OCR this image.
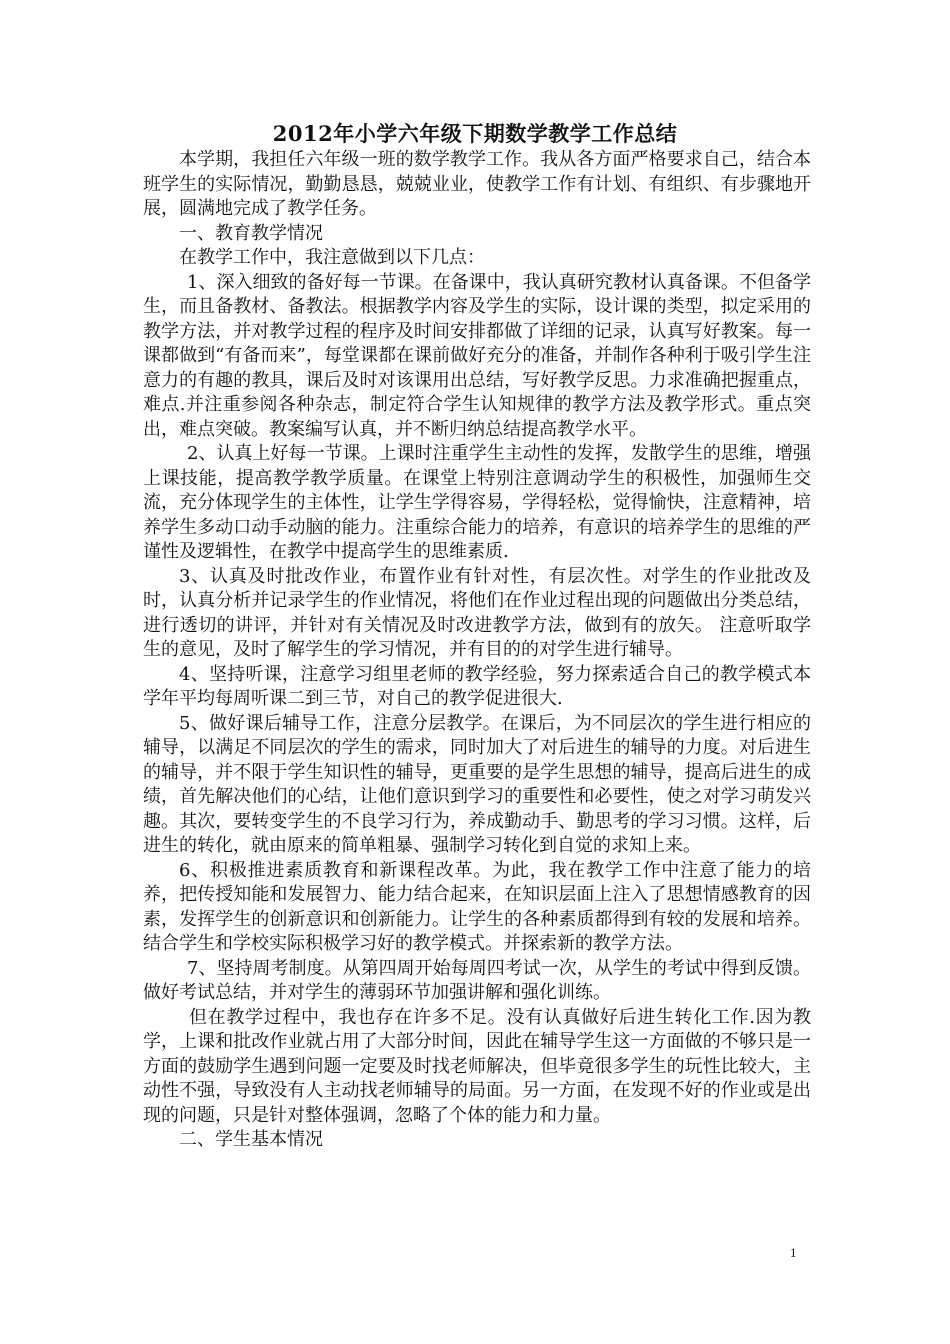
2012年小学六年级下期数学教学工作总结

本学期，我担任六年级一班的数学教学工作。我从各方面严格要求自己，结合本班学生的实际情况，勤勤恳恳，兢兢业业，使教学工作有计划、有组织、有步骤地开展，圆满地完成了教学任务。

一、教育教学情况

在教学工作中，我注意做到以下几点：

1、深入细致的备好每一节课。在备课中，我认真研究教材认真备课。不但备学生，而且备教材、备教法。根据教学内容及学生的实际，设计课的类型，拟定采用的教学方法，并对教学过程的程序及时间安排都做了详细的记录，认真写好教案。每一课都做到“有备而来”，每堂课都在课前做好充分的准备，并制作各种利于吸引学生注意力的有趣的教具，课后及时对该课用出总结，写好教学反思。力求准确把握重点，难点.并注重参阅各种杂志，制定符合学生认知规律的教学方法及教学形式。重点突出，难点突破。教案编写认真，并不断归纳总结提高教学水平。

2、认真上好每一节课。上课时注重学生主动性的发挥，发散学生的思维，增强上课技能，提高教学教学质量。在课堂上特别注意调动学生的积极性，加强师生交流，充分体现学生的主体性，让学生学得容易，学得轻松，觉得愉快，注意精神，培养学生多动口动手动脑的能力。注重综合能力的培养，有意识的培养学生的思维的严谨性及逻辑性，在教学中提高学生的思维素质.

3、认真及时批改作业，布置作业有针对性，有层次性。对学生的作业批改及时，认真分析并记录学生的作业情况，将他们在作业过程出现的问题做出分类总结，进行透切的讲评，并针对有关情况及时改进教学方法，做到有的放矢。 注意听取学生的意见，及时了解学生的学习情况，并有目的的对学生进行辅导。

4、坚持听课，注意学习组里老师的教学经验，努力探索适合自己的教学模式本学年平均每周听课二到三节，对自己的教学促进很大.

5、做好课后辅导工作，注意分层教学。在课后，为不同层次的学生进行相应的辅导，以满足不同层次的学生的需求，同时加大了对后进生的辅导的力度。对后进生的辅导，并不限于学生知识性的辅导，更重要的是学生思想的辅导，提高后进生的成绩，首先解决他们的心结，让他们意识到学习的重要性和必要性，使之对学习萌发兴趣。其次，要转变学生的不良学习行为，养成勤动手、勤思考的学习习惯。这样，后进生的转化，就由原来的简单粗暴、强制学习转化到自觉的求知上来。

6、积极推进素质教育和新课程改革。为此，我在教学工作中注意了能力的培养，把传授知能和发展智力、能力结合起来，在知识层面上注入了思想情感教育的因素，发挥学生的创新意识和创新能力。让学生的各种素质都得到有较的发展和培养。结合学生和学校实际积极学习好的教学模式。并探索新的教学方法。

7、坚持周考制度。从第四周开始每周四考试一次，从学生的考试中得到反馈。做好考试总结，并对学生的薄弱环节加强讲解和强化训练。

但在教学过程中，我也存在许多不足。没有认真做好后进生转化工作.因为教学，上课和批改作业就占用了大部分时间，因此在辅导学生这一方面做的不够只是一方面的鼓励学生遇到问题一定要及时找老师解决，但毕竟很多学生的玩性比较大，主动性不强，导致没有人主动找老师辅导的局面。另一方面，在发现不好的作业或是出现的问题，只是针对整体强调，忽略了个体的能力和力量。

二、学生基本情况

1
